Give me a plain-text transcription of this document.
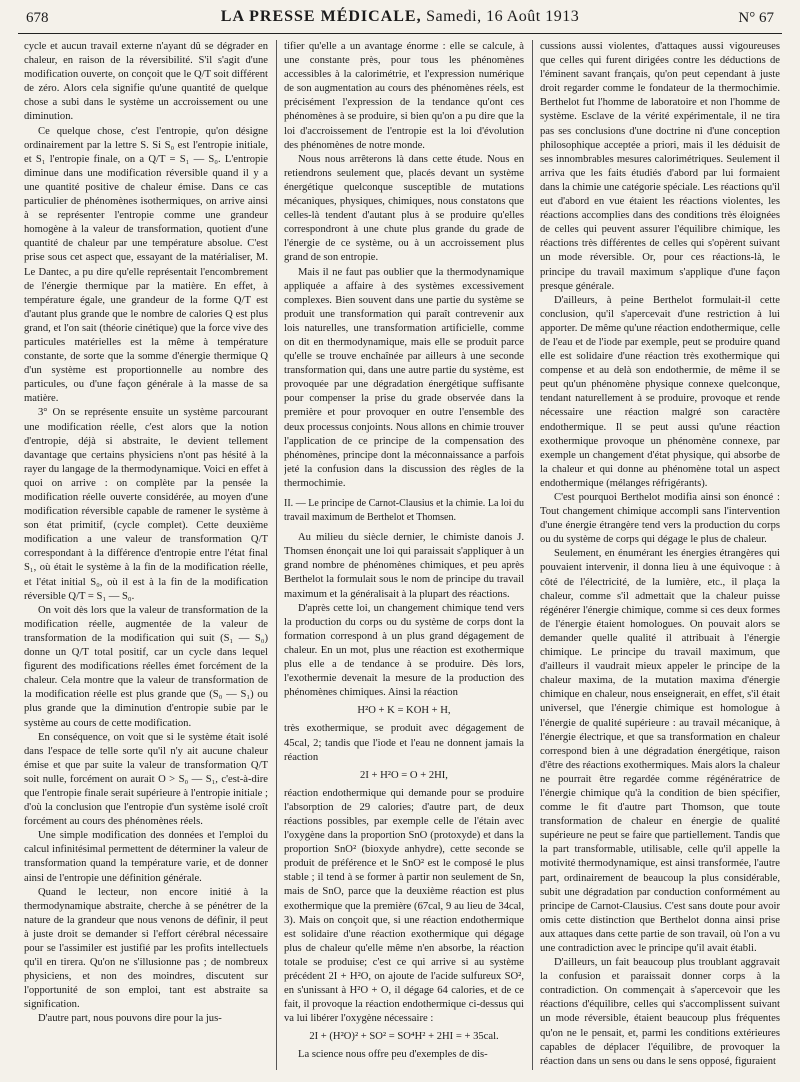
678	LA PRESSE MÉDICALE, Samedi, 16 Août 1913	N° 67

cycle et aucun travail externe n'ayant dû se dégrader en chaleur, en raison de la réversibilité. S'il s'agit d'une modification ouverte, on conçoit que le Q/T soit différent de zéro. Alors cela signifie qu'une quantité de quelque chose a subi dans le système un accroissement ou une diminution.

Ce quelque chose, c'est l'entropie, qu'on désigne ordinairement par la lettre S. Si S₀ est l'entropie initiale, et S₁ l'entropie finale, on a Q/T = S₁ — S₀. L'entropie diminue dans une modification réversible quand il y a une quantité positive de chaleur émise. Dans ce cas particulier de phénomènes isothermiques, on arrive ainsi à se représenter l'entropie comme une grandeur homogène à la valeur de transformation, quotient d'une quantité de chaleur par une température absolue. C'est prise sous cet aspect que, essayant de la matérialiser, M. Le Dantec, a pu dire qu'elle représentait l'encombrement de l'énergie thermique par la matière. En effet, à température égale, une grandeur de la forme Q/T est d'autant plus grande que le nombre de calories Q est plus grand, et l'on sait (théorie cinétique) que la force vive des particules matérielles est la même à température constante, de sorte que la somme d'énergie thermique Q d'un système est proportionnelle au nombre des particules, ou d'une façon générale à la masse de sa matière.

3° On se représente ensuite un système parcourant une modification réelle, c'est alors que la notion d'entropie, déjà si abstraite, le devient tellement davantage que certains physiciens n'ont pas hésité à la rayer du langage de la thermodynamique. Voici en effet à quoi on arrive : on complète par la pensée la modification réelle ouverte considérée, au moyen d'une modification réversible capable de ramener le système à son état primitif, (cycle complet). Cette deuxième modification a une valeur de transformation Q/T correspondant à la différence d'entropie entre l'état final S₁, où était le système à la fin de la modification réelle, et l'état initial S₀, où il est à la fin de la modification réversible Q/T = S₁ — S₀.

On voit dès lors que la valeur de transformation de la modification réelle, augmentée de la valeur de transformation de la modification qui suit (S₁ — S₀) donne un Q/T total positif, car un cycle dans lequel figurent des modifications réelles émet forcément de la chaleur. Cela montre que la valeur de transformation de la modification réelle est plus grande que (S₀ — S₁) ou plus grande que la diminution d'entropie subie par le système au cours de cette modification.

En conséquence, on voit que si le système était isolé dans l'espace de telle sorte qu'il n'y ait aucune chaleur émise et que par suite la valeur de transformation Q/T soit nulle, forcément on aurait O > S₀ — S₁, c'est-à-dire que l'entropie finale serait supérieure à l'entropie initiale ; d'où la conclusion que l'entropie d'un système isolé croît forcément au cours des phénomènes réels.

Une simple modification des données et l'emploi du calcul infinitésimal permettent de déterminer la valeur de transformation quand la température varie, et de donner ainsi de l'entropie une définition générale.

Quand le lecteur, non encore initié à la thermodynamique abstraite, cherche à se pénétrer de la nature de la grandeur que nous venons de définir, il peut à juste droit se demander si l'effort cérébral nécessaire pour se l'assimiler est justifié par les profits intellectuels qu'il en tirera. Qu'on ne s'illusionne pas ; de nombreux physiciens, et non des moindres, discutent sur l'opportunité de son emploi, tant est abstraite sa signification.

D'autre part, nous pouvons dire pour la jus-

tifier qu'elle a un avantage énorme : elle se calcule, à une constante près, pour tous les phénomènes accessibles à la calorimétrie, et l'expression numérique de son augmentation au cours des phénomènes réels, est précisément l'expression de la tendance qu'ont ces phénomènes à se produire, si bien qu'on a pu dire que la loi d'accroissement de l'entropie est la loi d'évolution des phénomènes de notre monde.

Nous nous arrêterons là dans cette étude. Nous en retiendrons seulement que, placés devant un système énergétique quelconque susceptible de mutations mécaniques, physiques, chimiques, nous constatons que celles-là tendent d'autant plus à se produire qu'elles correspondront à une chute plus grande du grade de l'énergie de ce système, ou à un accroissement plus grand de son entropie.

Mais il ne faut pas oublier que la thermodynamique appliquée a affaire à des systèmes excessivement complexes. Bien souvent dans une partie du système se produit une transformation qui paraît contrevenir aux lois naturelles, une transformation artificielle, comme on dit en thermodynamique, mais elle se produit parce qu'elle se trouve enchaînée par ailleurs à une seconde transformation qui, dans une autre partie du système, est provoquée par une dégradation énergétique suffisante pour compenser la prise du grade observée dans la première et pour provoquer en outre l'ensemble des deux processus conjoints. Nous allons en chimie trouver l'application de ce principe de la compensation des phénomènes, principe dont la méconnaissance a parfois jeté la confusion dans la discussion des règles de la thermochimie.

II. — Le principe de Carnot-Clausius et la chimie. La loi du travail maximum de Berthelot et Thomsen.

Au milieu du siècle dernier, le chimiste danois J. Thomsen énonçait une loi qui paraissait s'appliquer à un grand nombre de phénomènes chimiques, et peu après Berthelot la formulait sous le nom de principe du travail maximum et la généralisait à la plupart des réactions.

D'après cette loi, un changement chimique tend vers la production du corps ou du système de corps dont la formation correspond à un plus grand dégagement de chaleur. En un mot, plus une réaction est exothermique plus elle a de tendance à se produire. Dès lors, l'exothermie devenait la mesure de la production des phénomènes chimiques. Ainsi la réaction

H²O + K = KOH + H,

très exothermique, se produit avec dégagement de 45cal, 2; tandis que l'iode et l'eau ne donnent jamais la réaction

2I + H²O = O + 2HI,

réaction endothermique qui demande pour se produire l'absorption de 29 calories; d'autre part, de deux réactions possibles, par exemple celle de l'étain avec l'oxygène dans la proportion SnO (protoxyde) et dans la proportion SnO² (bioxyde anhydre), cette seconde se produit de préférence et le SnO² est le composé le plus stable ; il tend à se former à partir non seulement de Sn, mais de SnO, parce que la deuxième réaction est plus exothermique que la première (67cal, 9 au lieu de 34cal, 3). Mais on conçoit que, si une réaction endothermique est solidaire d'une réaction exothermique qui dégage plus de chaleur qu'elle même n'en absorbe, la réaction totale se produise; c'est ce qui arrive si au système précédent 2I + H²O, on ajoute de l'acide sulfureux SO², en s'unissant à H²O + O, il dégage 64 calories, et de ce fait, il provoque la réaction endothermique ci-dessus qui va lui libérer l'oxygène nécessaire :

2I + (H²O)² + SO² = SO⁴H² + 2HI = + 35cal.

La science nous offre peu d'exemples de dis-

cussions aussi violentes, d'attaques aussi vigoureuses que celles qui furent dirigées contre les déductions de l'éminent savant français, qu'on peut cependant à juste droit regarder comme le fondateur de la thermochimie. Berthelot fut l'homme de laboratoire et non l'homme de système. Esclave de la vérité expérimentale, il ne tira pas ses conclusions d'une doctrine ni d'une conception philosophique acceptée a priori, mais il les déduisit de ses innombrables mesures calorimétriques. Seulement il arriva que les faits étudiés d'abord par lui formaient dans la chimie une catégorie spéciale. Les réactions qu'il eut d'abord en vue étaient les réactions violentes, les réactions accomplies dans des conditions très éloignées de celles qui peuvent assurer l'équilibre chimique, les réactions très différentes de celles qui s'opèrent suivant un mode réversible. Or, pour ces réactions-là, le principe du travail maximum s'applique d'une façon presque générale.

D'ailleurs, à peine Berthelot formulait-il cette conclusion, qu'il s'apercevait d'une restriction à lui apporter. De même qu'une réaction endothermique, celle de l'eau et de l'iode par exemple, peut se produire quand elle est solidaire d'une réaction très exothermique qui compense et au delà son endothermie, de même il se peut qu'un phénomène physique connexe quelconque, tendant naturellement à se produire, provoque et rende nécessaire une réaction malgré son caractère endothermique. Il se peut aussi qu'une réaction exothermique provoque un phénomène connexe, par exemple un changement d'état physique, qui absorbe de la chaleur et qui donne au phénomène total un aspect endothermique (mélanges réfrigérants).

C'est pourquoi Berthelot modifia ainsi son énoncé : Tout changement chimique accompli sans l'intervention d'une énergie étrangère tend vers la production du corps ou du système de corps qui dégage le plus de chaleur.

Seulement, en énumérant les énergies étrangères qui pouvaient intervenir, il donna lieu à une équivoque : à côté de l'électricité, de la lumière, etc., il plaça la chaleur, comme s'il admettait que la chaleur puisse régénérer l'énergie chimique, comme si ces deux formes de l'énergie étaient homologues. On pouvait alors se demander quelle qualité il attribuait à l'énergie chimique. Le principe du travail maximum, que d'ailleurs il vaudrait mieux appeler le principe de la chaleur maxima, de la mutation maxima d'énergie chimique en chaleur, nous enseignerait, en effet, s'il était universel, que l'énergie chimique est homologue à l'énergie de qualité supérieure : au travail mécanique, à l'énergie électrique, et que sa transformation en chaleur correspond bien à une dégradation énergétique, raison d'être des réactions exothermiques. Mais alors la chaleur ne pourrait être regardée comme régénératrice de l'énergie chimique qu'à la condition de bien spécifier, comme le fit d'autre part Thomson, que toute transformation de chaleur en énergie de qualité supérieure ne peut se faire que partiellement. Tandis que la part transformable, utilisable, celle qu'il appelle la motivité thermodynamique, est ainsi transformée, l'autre part, ordinairement de beaucoup la plus considérable, subit une dégradation par conduction conformément au principe de Carnot-Clausius. C'est sans doute pour avoir omis cette distinction que Berthelot donna ainsi prise aux attaques dans cette partie de son travail, où l'on a vu une contradiction avec le principe qu'il avait établi.

D'ailleurs, un fait beaucoup plus troublant aggravait la confusion et paraissait donner corps à la contradiction. On commençait à s'apercevoir que les réactions d'équilibre, celles qui s'accomplissent suivant un mode réversible, étaient beaucoup plus fréquentes qu'on ne le pensait, et, parmi les conditions extérieures capables de déplacer l'équilibre, de provoquer la réaction dans un sens ou dans le sens opposé, figuraient
